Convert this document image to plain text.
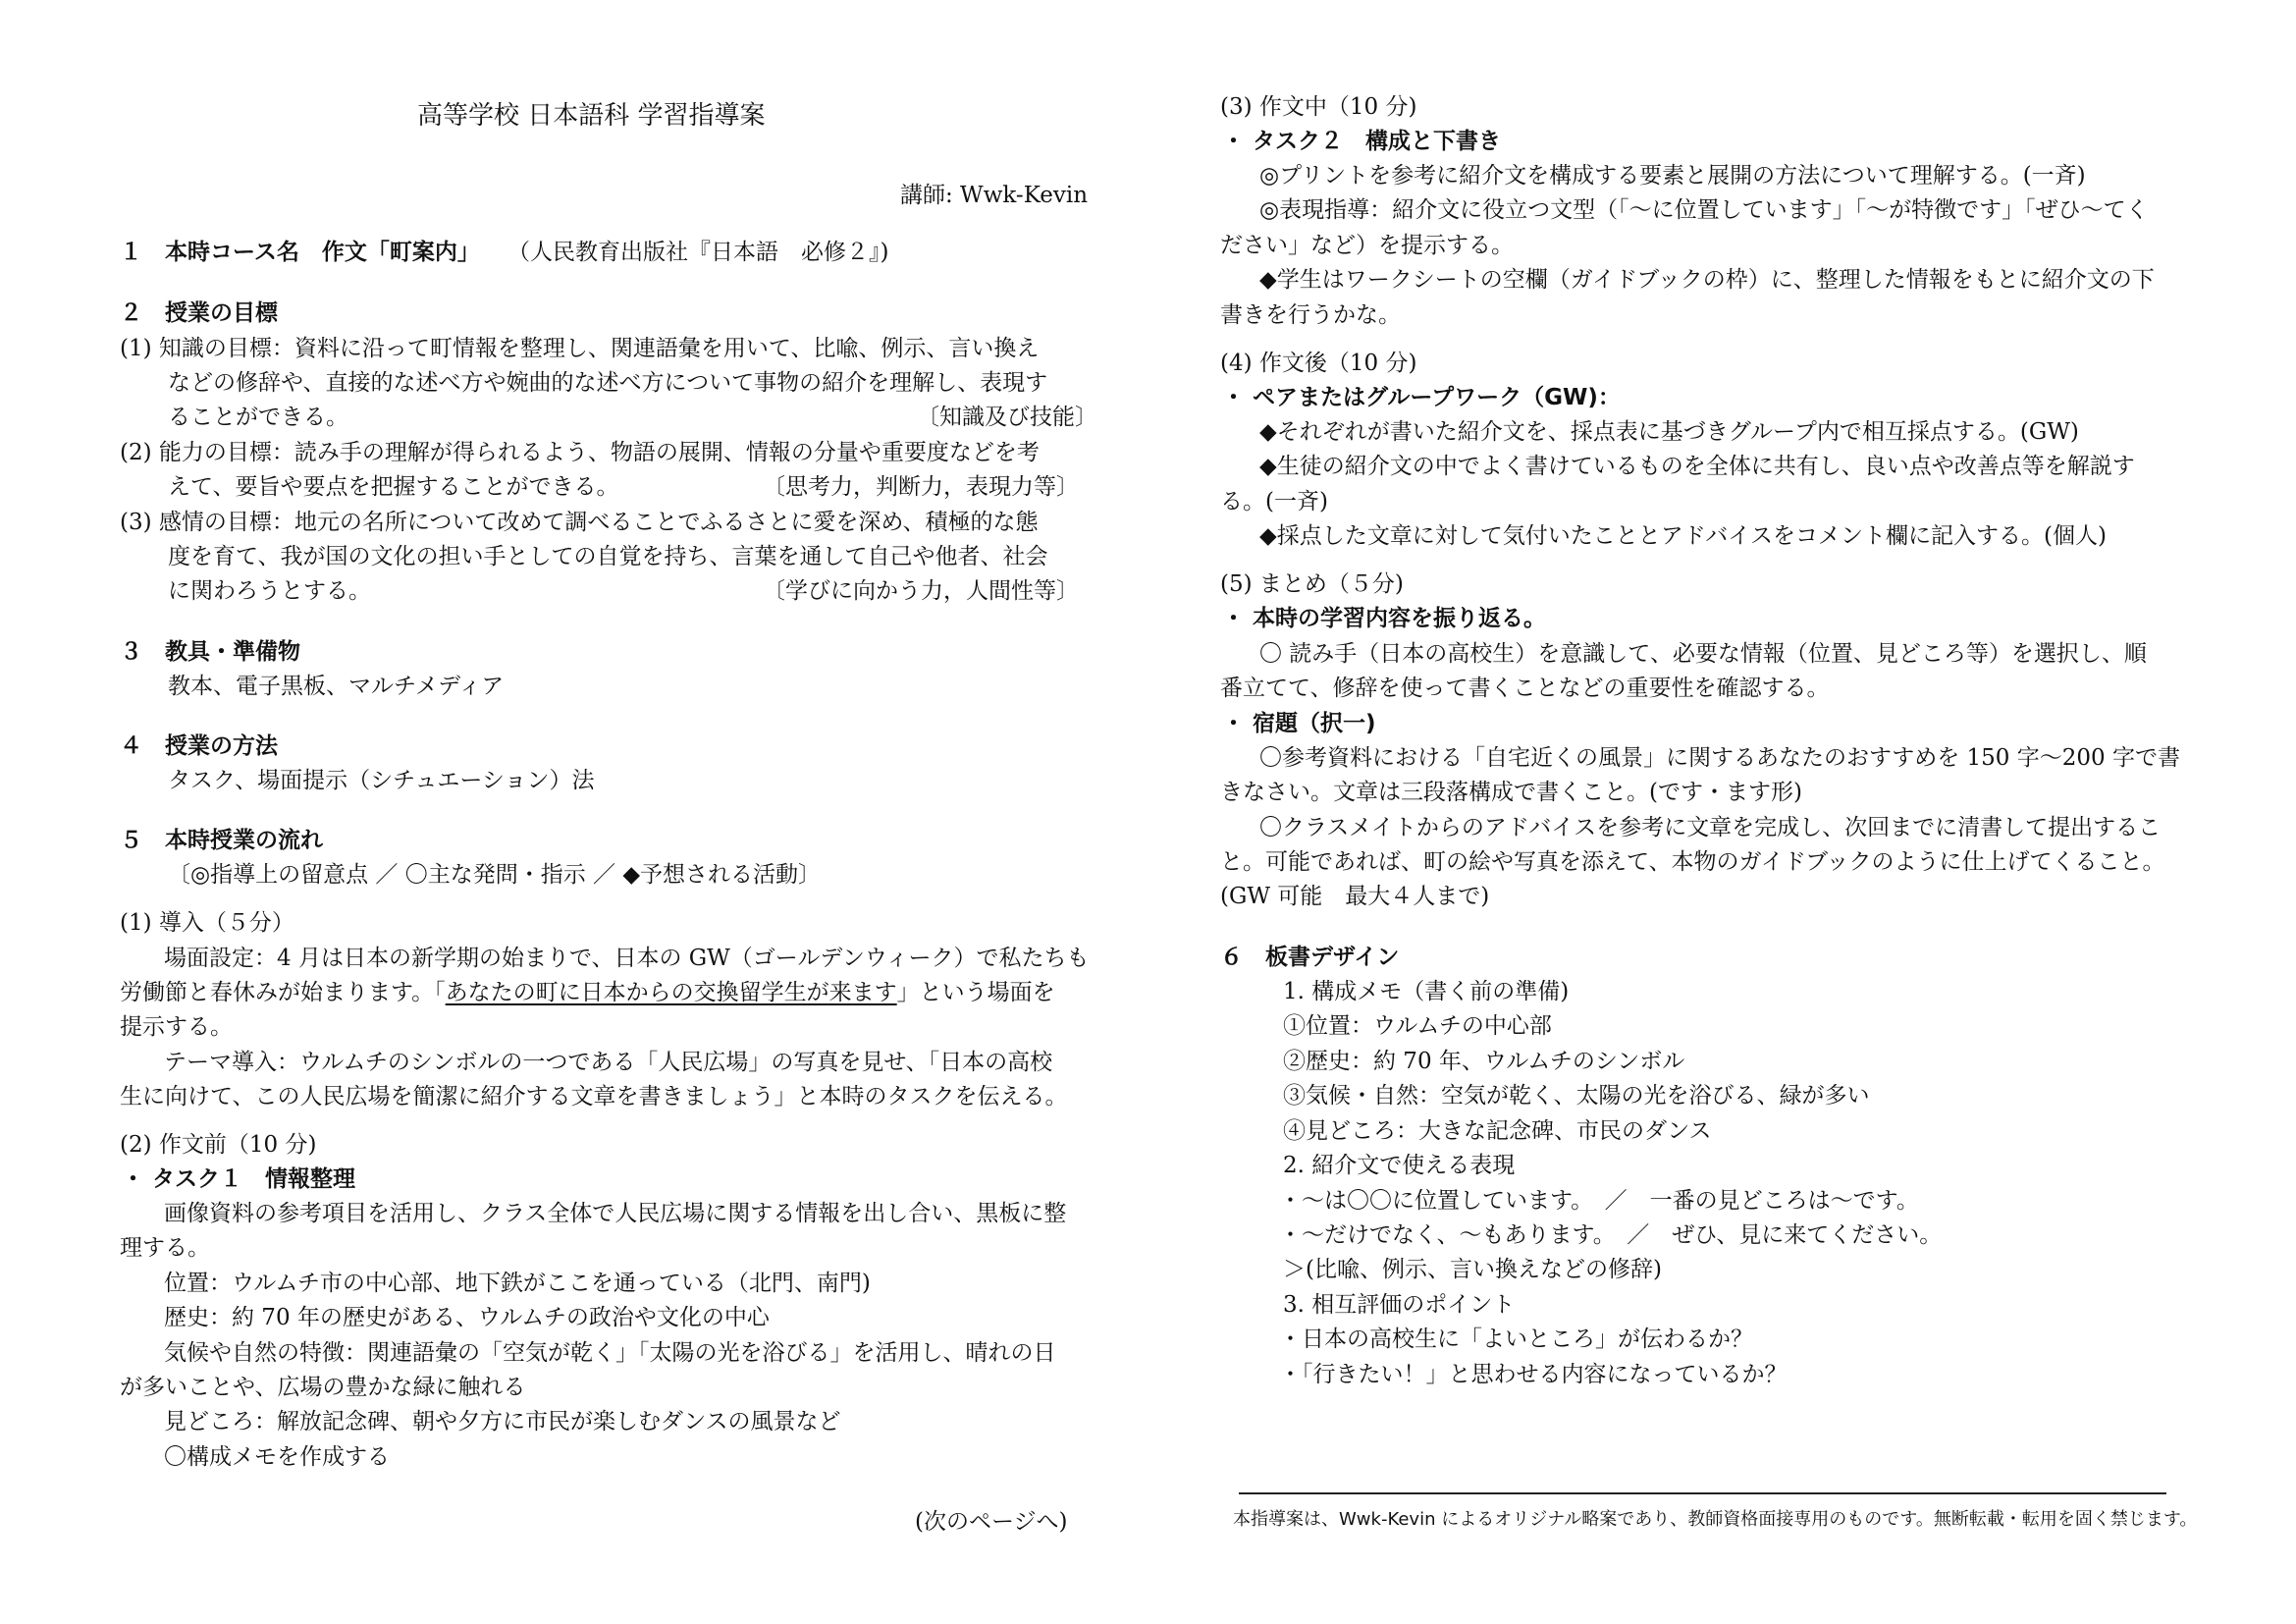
高等学校 日本語科 学習指導案
講師: Wwk-Kevin
１　本時コース名　作文「町案内」 （人民教育出版社『日本語　必修２』)
２　授業の目標
(1) 知識の目標：資料に沿って町情報を整理し、関連語彙を用いて、比喩、例示、言い換え
などの修辞や、直接的な述べ方や婉曲的な述べ方について事物の紹介を理解し、表現す
ることができる。	〔知識及び技能〕
(2) 能力の目標：読み手の理解が得られるよう、物語の展開、情報の分量や重要度などを考
えて、要旨や要点を把握することができる。	〔思考力，判断力，表現力等〕
(3) 感情の目標：地元の名所について改めて調べることでふるさとに愛を深め、積極的な態
度を育て、我が国の文化の担い手としての自覚を持ち、言葉を通して自己や他者、社会
に関わろうとする。	〔学びに向かう力，人間性等〕
３　教具・準備物
教本、電子黒板、マルチメディア
４　授業の方法
タスク、場面提示（シチュエーション）法
５　本時授業の流れ
〔◎指導上の留意点 ／ 〇主な発問・指示 ／ ◆予想される活動〕
(1) 導入（５分）
場面設定：4 月は日本の新学期の始まりで、日本の GW（ゴールデンウィーク）で私たちも
労働節と春休みが始まります。「あなたの町に日本からの交換留学生が来ます」という場面を
提示する。
テーマ導入：ウルムチのシンボルの一つである「人民広場」の写真を見せ、「日本の高校
生に向けて、この人民広場を簡潔に紹介する文章を書きましょう」と本時のタスクを伝える。
(2) 作文前（10 分)
・ タスク１　情報整理
画像資料の参考項目を活用し、クラス全体で人民広場に関する情報を出し合い、黒板に整
理する。
位置：ウルムチ市の中心部、地下鉄がここを通っている（北門、南門)
歴史：約 70 年の歴史がある、ウルムチの政治や文化の中心
気候や自然の特徴：関連語彙の「空気が乾く」「太陽の光を浴びる」を活用し、晴れの日
が多いことや、広場の豊かな緑に触れる
見どころ：解放記念碑、朝や夕方に市民が楽しむダンスの風景など
〇構成メモを作成する
(次のページへ)
(3) 作文中（10 分)
・ タスク２　構成と下書き
◎プリントを参考に紹介文を構成する要素と展開の方法について理解する。(一斉)
◎表現指導：紹介文に役立つ文型（「～に位置しています」「～が特徴です」「ぜひ～てく
ださい」など）を提示する。
◆学生はワークシートの空欄（ガイドブックの枠）に、整理した情報をもとに紹介文の下
書きを行うかな。
(4) 作文後（10 分)
・ ペアまたはグループワーク（GW)：
◆それぞれが書いた紹介文を、採点表に基づきグループ内で相互採点する。(GW)
◆生徒の紹介文の中でよく書けているものを全体に共有し、良い点や改善点等を解説す
る。(一斉)
◆採点した文章に対して気付いたこととアドバイスをコメント欄に記入する。(個人)
(5) まとめ（５分)
・ 本時の学習内容を振り返る。
〇 読み手（日本の高校生）を意識して、必要な情報（位置、見どころ等）を選択し、順
番立てて、修辞を使って書くことなどの重要性を確認する。
・ 宿題（択一)
〇参考資料における「自宅近くの風景」に関するあなたのおすすめを 150 字～200 字で書
きなさい。文章は三段落構成で書くこと。(です・ます形)
〇クラスメイトからのアドバイスを参考に文章を完成し、次回までに清書して提出するこ
と。可能であれば、町の絵や写真を添えて、本物のガイドブックのように仕上げてくること。
(GW 可能　最大４人まで)
６　板書デザイン
1. 構成メモ（書く前の準備)
①位置：ウルムチの中心部
②歴史：約 70 年、ウルムチのシンボル
③気候・自然：空気が乾く、太陽の光を浴びる、緑が多い
④見どころ：大きな記念碑、市民のダンス
2. 紹介文で使える表現
・～は〇〇に位置しています。　／　一番の見どころは～です。
・～だけでなく、～もあります。　／　ぜひ、見に来てください。
＞(比喩、例示、言い換えなどの修辞)
3. 相互評価のポイント
・日本の高校生に「よいところ」が伝わるか？
・｢行きたい！」と思わせる内容になっているか？
本指導案は、Wwk-Kevin によるオリジナル略案であり、教師資格面接専用のものです。無断転載・転用を固く禁じます。
